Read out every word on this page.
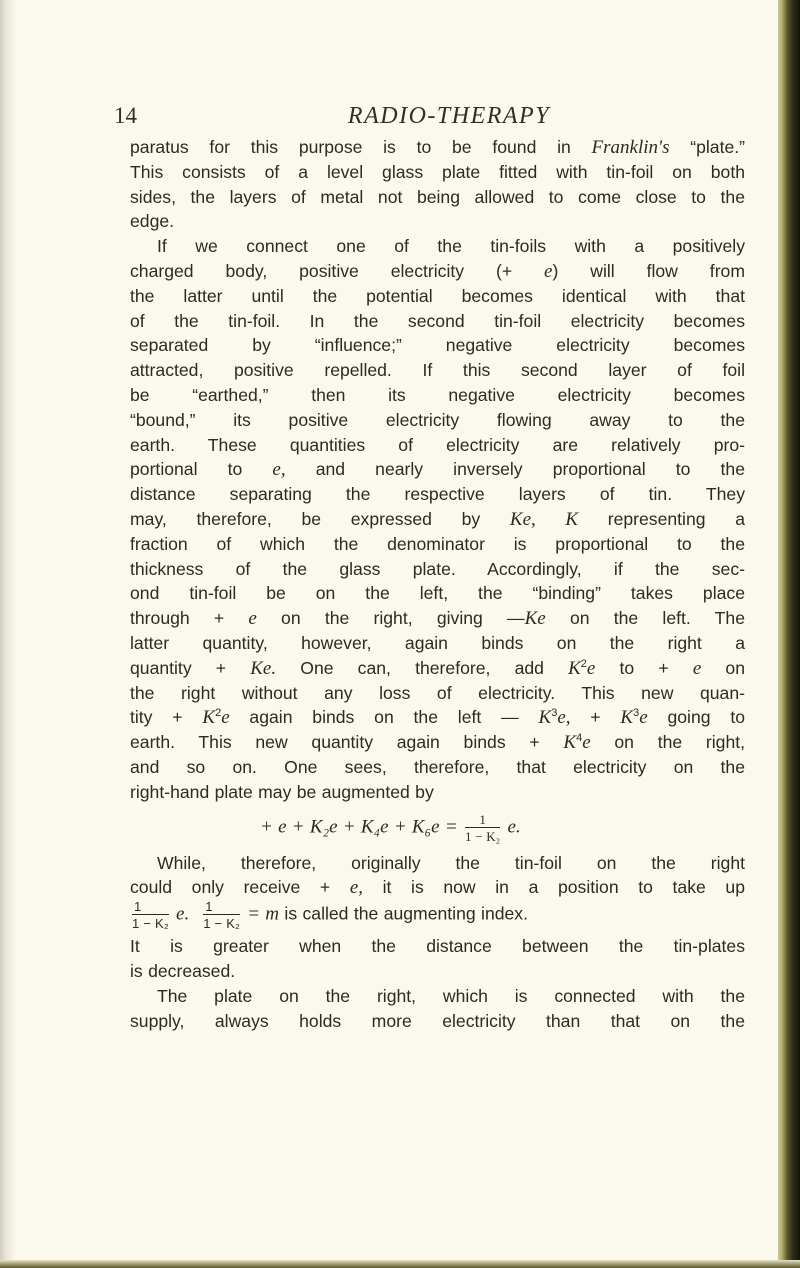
14	RADIO-THERAPY
paratus for this purpose is to be found in Franklin's “plate.”
This consists of a level glass plate fitted with tin-foil on both
sides, the layers of metal not being allowed to come close to the
edge.
If we connect one of the tin-foils with a positively
charged body, positive electricity (+ e) will flow from
the latter until the potential becomes identical with that
of the tin-foil. In the second tin-foil electricity becomes
separated by “influence;” negative electricity becomes
attracted, positive repelled. If this second layer of foil
be “earthed,” then its negative electricity becomes
“bound,” its positive electricity flowing away to the
earth. These quantities of electricity are relatively pro-
portional to e, and nearly inversely proportional to the
distance separating the respective layers of tin. They
may, therefore, be expressed by Ke, K representing a
fraction of which the denominator is proportional to the
thickness of the glass plate. Accordingly, if the sec-
ond tin-foil be on the left, the “binding” takes place
through + e on the right, giving —Ke on the left. The
latter quantity, however, again binds on the right a
quantity + Ke. One can, therefore, add $K^2e$ to + e on
the right without any loss of electricity. This new quan-
tity + $K^2e$ again binds on the left — $K^3e$, + $K^3e$ going to
earth. This new quantity again binds + $K^4e$ on the right,
and so on. One sees, therefore, that electricity on the
right-hand plate may be augmented by
+ $e + K_2e + K_4e + K_6e = \frac{1}{\text{1 − K₂}} e$.
While, therefore, originally the tin-foil on the right
could only receive + e, it is now in a position to take up
$\frac{1}{\text{1 − K₂}} e$. $\frac{1}{\text{1 − K₂}} = m$ is called the augmenting index.
It is greater when the distance between the tin-plates
is decreased.
The plate on the right, which is connected with the
supply, always holds more electricity than that on the
